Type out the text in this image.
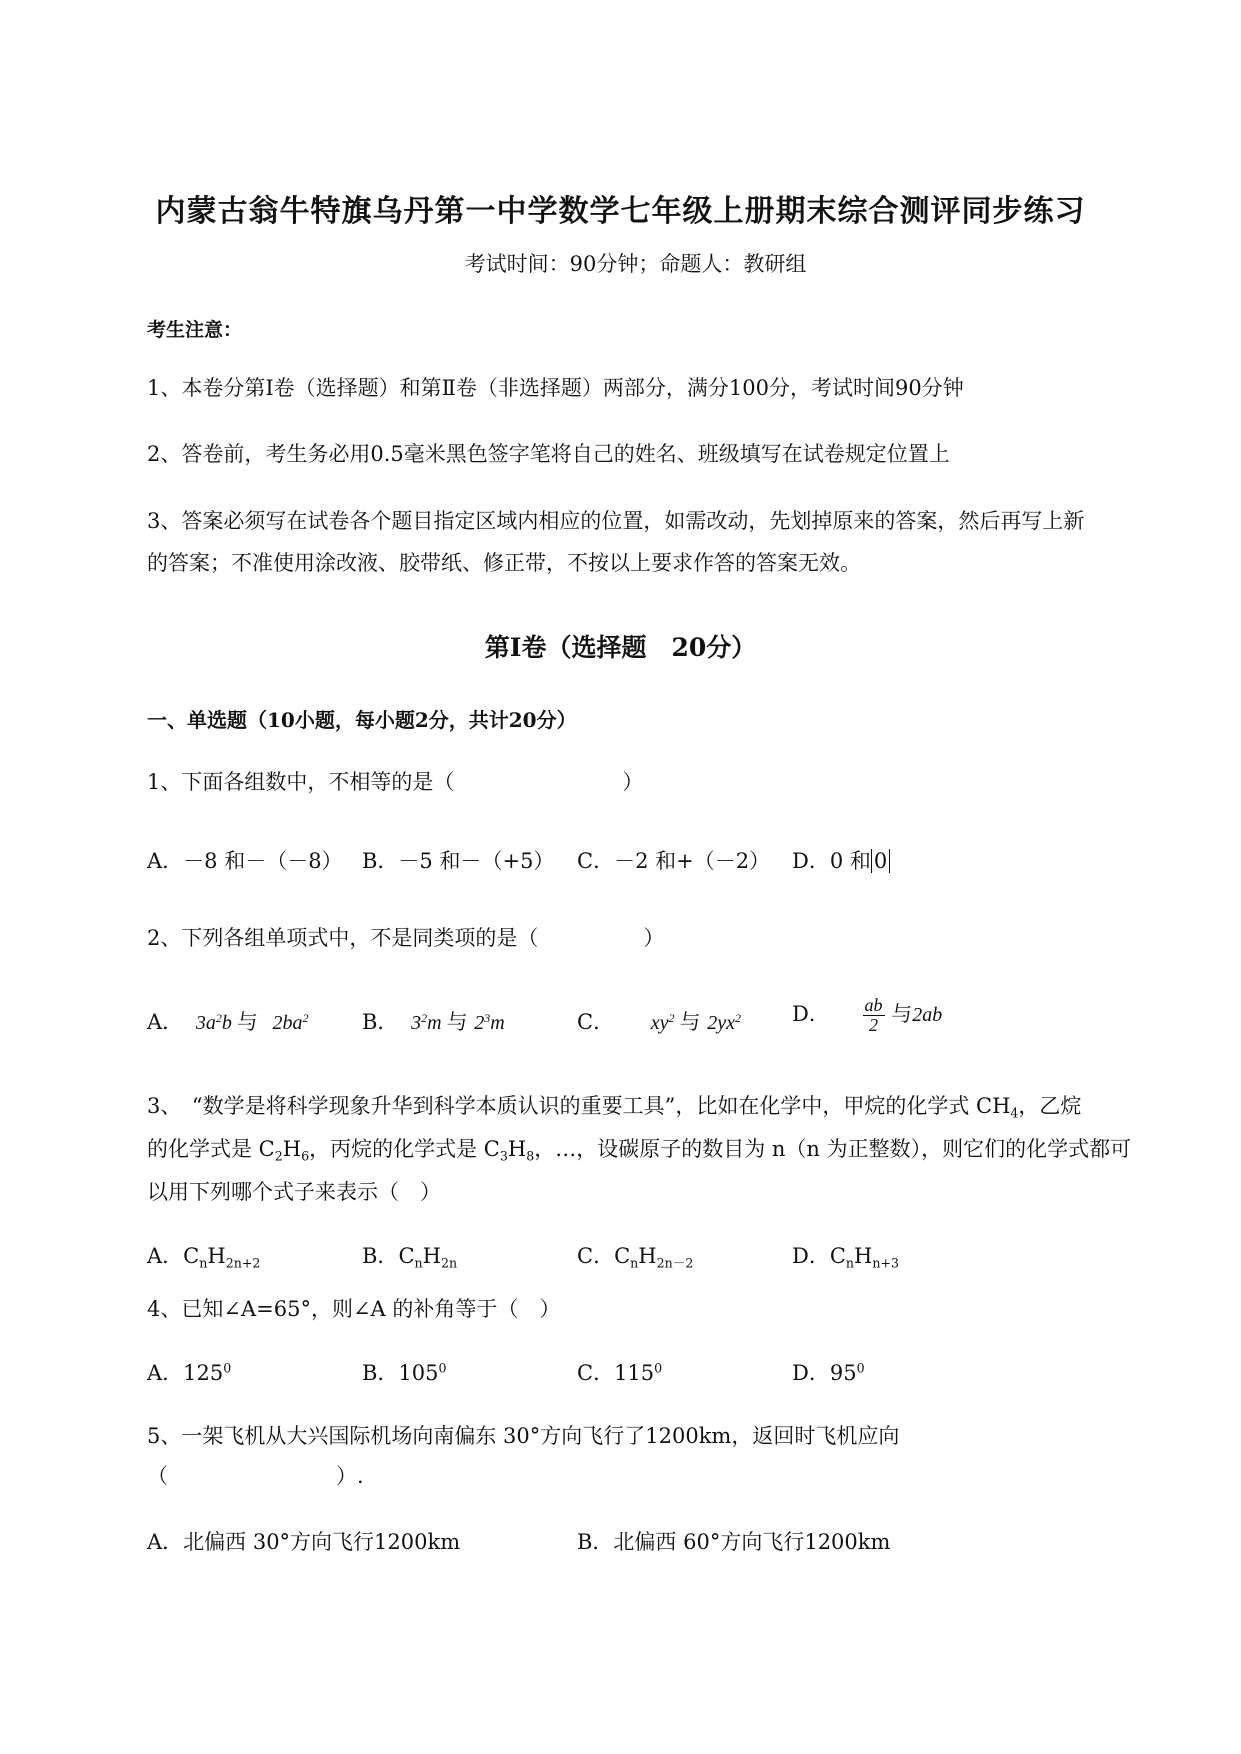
内蒙古翁牛特旗乌丹第一中学数学七年级上册期末综合测评同步练习
考试时间：90分钟；命题人：教研组
考生注意：
1、本卷分第I卷（选择题）和第Ⅱ卷（非选择题）两部分，满分100分，考试时间90分钟
2、答卷前，考生务必用0.5毫米黑色签字笔将自己的姓名、班级填写在试卷规定位置上
3、答案必须写在试卷各个题目指定区域内相应的位置，如需改动，先划掉原来的答案，然后再写上新
的答案；不准使用涂改液、胶带纸、修正带，不按以上要求作答的答案无效。
第I卷（选择题　20分）
一、单选题（10小题，每小题2分，共计20分）
1、下面各组数中，不相等的是（　　　　　　　　）
A．－8 和－（－8） B．－5 和－（+5） C．－2 和+（－2） D．0 和 0
2、下列各组单项式中，不是同类项的是（　　　　　）
A． $3a^2b$ 与 $2ba^2$	B． $3^2m$ 与 $2^3m$	C． $xy^2$ 与 $2yx^2$ D． $\frac{ab}{2}$ 与2ab
3、　“数学是将科学现象升华到科学本质认识的重要工具”，比如在化学中，甲烷的化学式 $CH_4$，乙烷
的化学式是 $C_2H_6$，丙烷的化学式是 $C_3H_8$，…，设碳原子的数目为 n（n 为正整数），则它们的化学式都可
以用下列哪个式子来表示（　）
A．$C_nH_{2n+2}$	B．$C_nH_{2n}$	C．$C_nH_{2n-2}$	D．$C_nH_{n+3}$
4、已知∠A=65°，则∠A 的补角等于（　）
A．$125^0$	B．$105^0$	C．$115^0$	D．$95^0$
5、一架飞机从大兴国际机场向南偏东 30°方向飞行了1200km，返回时飞机应向
（　　　　　　　　）.
A．北偏西 30°方向飞行1200km	B．北偏西 60°方向飞行1200km
